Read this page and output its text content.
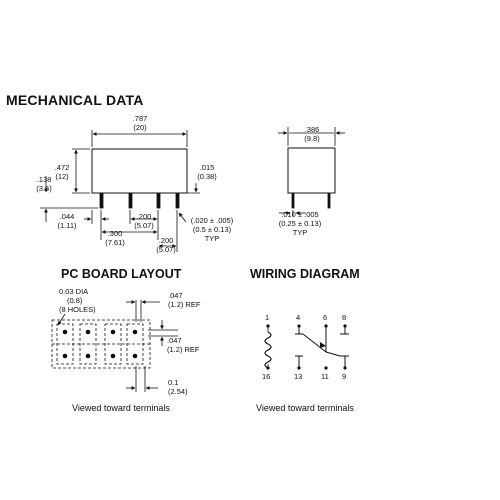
MECHANICAL DATA
.787
(20)
.472
(12)
.138
(3.5)
.015
(0.38)
.044
(1.11)
.200
(5.07)
.300
(7.61)	.200
(5.07)
(.020 ± .005)
(0.5 ± 0.13)
TYP
.386
(9.8)
.010 ± .005
(0.25 ± 0.13)
TYP
PC BOARD LAYOUT
0.03 DIA
(0.8)
(8 HOLES)
.047
(1.2) REF
.047
(1.2) REF
0.1
(2.54)
Viewed toward terminals
WIRING DIAGRAM
1	4	6 8
16	13 11 9
Viewed toward terminals
